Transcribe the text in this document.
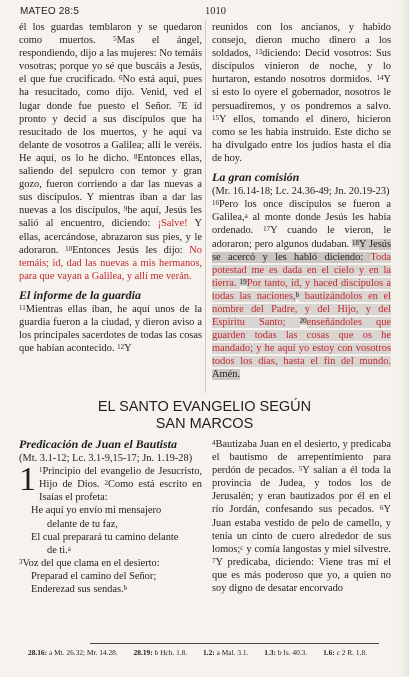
MATEO 28:5	1010

él los guardas temblaron y se quedaron como muertos. $^5$Mas el ángel, respondiendo, dijo a las mujeres: No temáis vosotras; porque yo sé que buscáis a Jesús, el que fue crucificado. $^6$No está aquí, pues ha resucitado, como dijo. Venid, ved el lugar donde fue puesto el Señor. $^7$E id pronto y decid a sus discípulos que ha resucitado de los muertos, y he aquí va delante de vosotros a Galilea; allí le veréis. He aquí, os lo he dicho. $^8$Entonces ellas, saliendo del sepulcro con temor y gran gozo, fueron corriendo a dar las nuevas a sus discípulos. Y mientras iban a dar las nuevas a los discípulos, $^9$he aquí, Jesús les salió al encuentro, diciendo: ¡Salve! Y ellas, acercándose, abrazaron sus pies, y le adoraron. $^{10}$Entonces Jesús les dijo: No temáis; id, dad las nuevas a mis hermanos, para que vayan a Galilea, y allí me verán.

El informe de la guardia

$^{11}$Mientras ellas iban, he aquí unos de la guardia fueron a la ciudad, y dieron aviso a los principales sacerdotes de todas las cosas que habían acontecido. $^{12}$Y

reunidos con los ancianos, y habido consejo, dieron mucho dinero a los soldados, $^{13}$diciendo: Decid vosotros: Sus discípulos vinieron de noche, y lo hurtaron, estando nosotros dormidos. $^{14}$Y si esto lo oyere el gobernador, nosotros le persuadiremos, y os pondremos a salvo. $^{15}$Y ellos, tomando el dinero, hicieron como se les había instruido. Este dicho se ha divulgado entre los judíos hasta el día de hoy.

La gran comisión
(Mr. 16.14-18; Lc. 24.36-49; Jn. 20.19-23)

$^{16}$Pero los once discípulos se fueron a Galilea,$^a$ al monte donde Jesús les había ordenado. $^{17}$Y cuando le vieron, le adoraron; pero algunos dudaban. $^{18}$Y Jesús se acercó y les habló diciendo: Toda potestad me es dada en el cielo y en la tierra. $^{19}$Por tanto, id, y haced discípulos a todas las naciones,$^b$ bautizándolos en el nombre del Padre, y del Hijo, y del Espíritu Santo; $^{20}$enseñándoles que guarden todas las cosas que os he mandado; y he aquí yo estoy con vosotros todos los días, hasta el fin del mundo. Amén.

EL SANTO EVANGELIO SEGÚN
SAN MARCOS
Predicación de Juan el Bautista
(Mt. 3.1-12; Lc. 3.1-9,15-17; Jn. 1.19-28)

1 $^1$Principio del evangelio de Jesucristo, Hijo de Dios. $^2$Como está escrito en Isaías el profeta:

He aquí yo envío mi mensajero
delante de tu faz,
El cual preparará tu camino delante
de ti.$^a$
$^3$Voz del que clama en el desierto:
Preparad el camino del Señor;
Enderezad sus sendas.$^b$

$^4$Bautizaba Juan en el desierto, y predicaba el bautismo de arrepentimiento para perdón de pecados. $^5$Y salían a él toda la provincia de Judea, y todos los de Jerusalén; y eran bautizados por él en el río Jordán, confesando sus pecados. $^6$Y Juan estaba vestido de pelo de camello, y tenía un cinto de cuero alrededor de sus lomos;$^c$ y comía langostas y miel silvestre. $^7$Y predicaba, diciendo: Viene tras mí el que es más poderoso que yo, a quien no soy digno de desatar encorvado

28.16: a Mt. 26.32; Mr. 14.28. 28.19: b Hch. 1.8. 1.2: a Mal. 3.1. 1.3: b Is. 40.3. 1.6: c 2 R. 1.8.
